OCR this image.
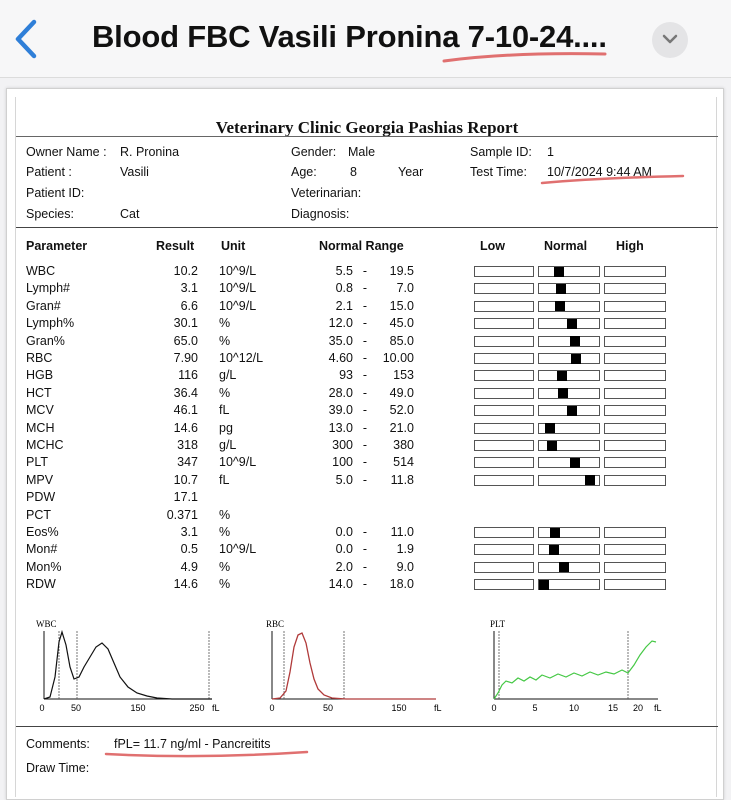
Blood FBC Vasili Pronina 7-10-24....
Veterinary Clinic Georgia Pashias Report
Owner Name : R. Pronina
Patient :	Vasili
Patient ID:
Species:	Cat
Gender: Male
Age:	8	Year
Veterinarian:
Diagnosis:
Sample ID: 1
Test Time: 10/7/2024 9:44 AM
Parameter	Result Unit	Normal Range	Low	Normal High
WBC	10.2 10^9/L	5.5 -	19.5
Lymph#	3.1 10^9/L	0.8 -	7.0
Gran#	6.6 10^9/L	2.1 -	15.0
Lymph%	30.1 %	12.0 -	45.0
Gran%	65.0 %	35.0 -	85.0
RBC	7.90 10^12/L	4.60 -	10.00
HGB	116 g/L	93 -	153
HCT	36.4 %	28.0 -	49.0
MCV	46.1 fL	39.0 -	52.0
MCH	14.6 pg	13.0 -	21.0
MCHC	318 g/L	300 -	380
PLT	347 10^9/L	100 -	514
MPV	10.7 fL	5.0 -	11.8
PDW	17.1
PCT	0.371 %
Eos%	3.1 %	0.0 -	11.0
Mon#	0.5 10^9/L	0.0 -	1.9
Mon%	4.9 %	2.0 -	9.0
RDW	14.6 %	14.0 -	18.0
WBC
0	50	150	250 fL
RBC
0	50	150	fL
PLT
0	5	10	15 20 fL
Comments: fPL= 11.7 ng/ml - Pancreitits
Draw Time:
